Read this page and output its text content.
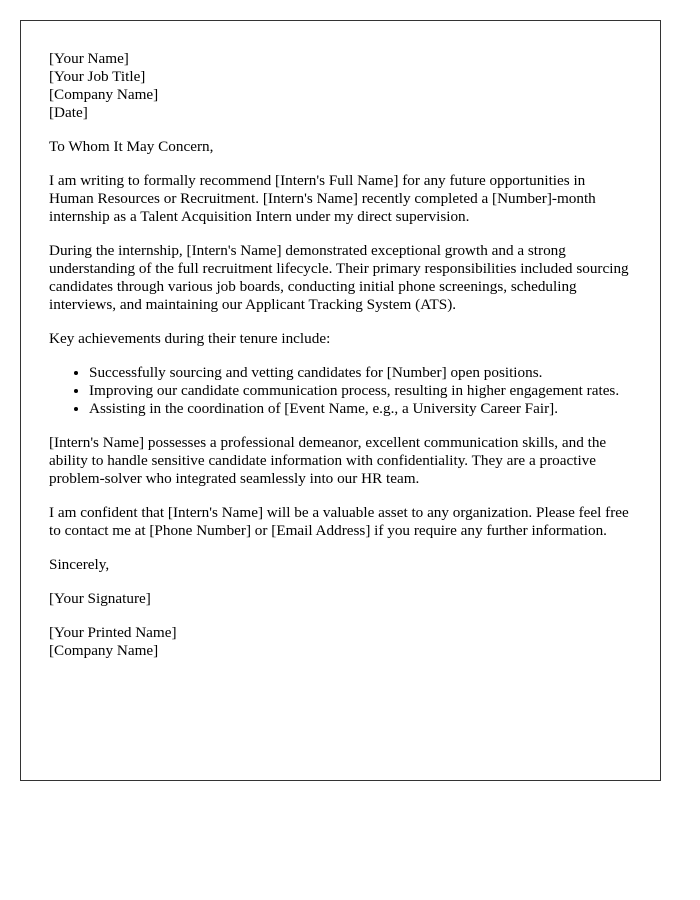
[Your Name]
[Your Job Title]
[Company Name]
[Date]

To Whom It May Concern,

I am writing to formally recommend [Intern's Full Name] for any future opportunities in Human Resources or Recruitment. [Intern's Name] recently completed a [Number]-month internship as a Talent Acquisition Intern under my direct supervision.

During the internship, [Intern's Name] demonstrated exceptional growth and a strong understanding of the full recruitment lifecycle. Their primary responsibilities included sourcing candidates through various job boards, conducting initial phone screenings, scheduling interviews, and maintaining our Applicant Tracking System (ATS).

Key achievements during their tenure include:

• Successfully sourcing and vetting candidates for [Number] open positions.
• Improving our candidate communication process, resulting in higher engagement rates.
• Assisting in the coordination of [Event Name, e.g., a University Career Fair].

[Intern's Name] possesses a professional demeanor, excellent communication skills, and the ability to handle sensitive candidate information with confidentiality. They are a proactive problem-solver who integrated seamlessly into our HR team.

I am confident that [Intern's Name] will be a valuable asset to any organization. Please feel free to contact me at [Phone Number] or [Email Address] if you require any further information.

Sincerely,

[Your Signature]

[Your Printed Name]
[Company Name]
